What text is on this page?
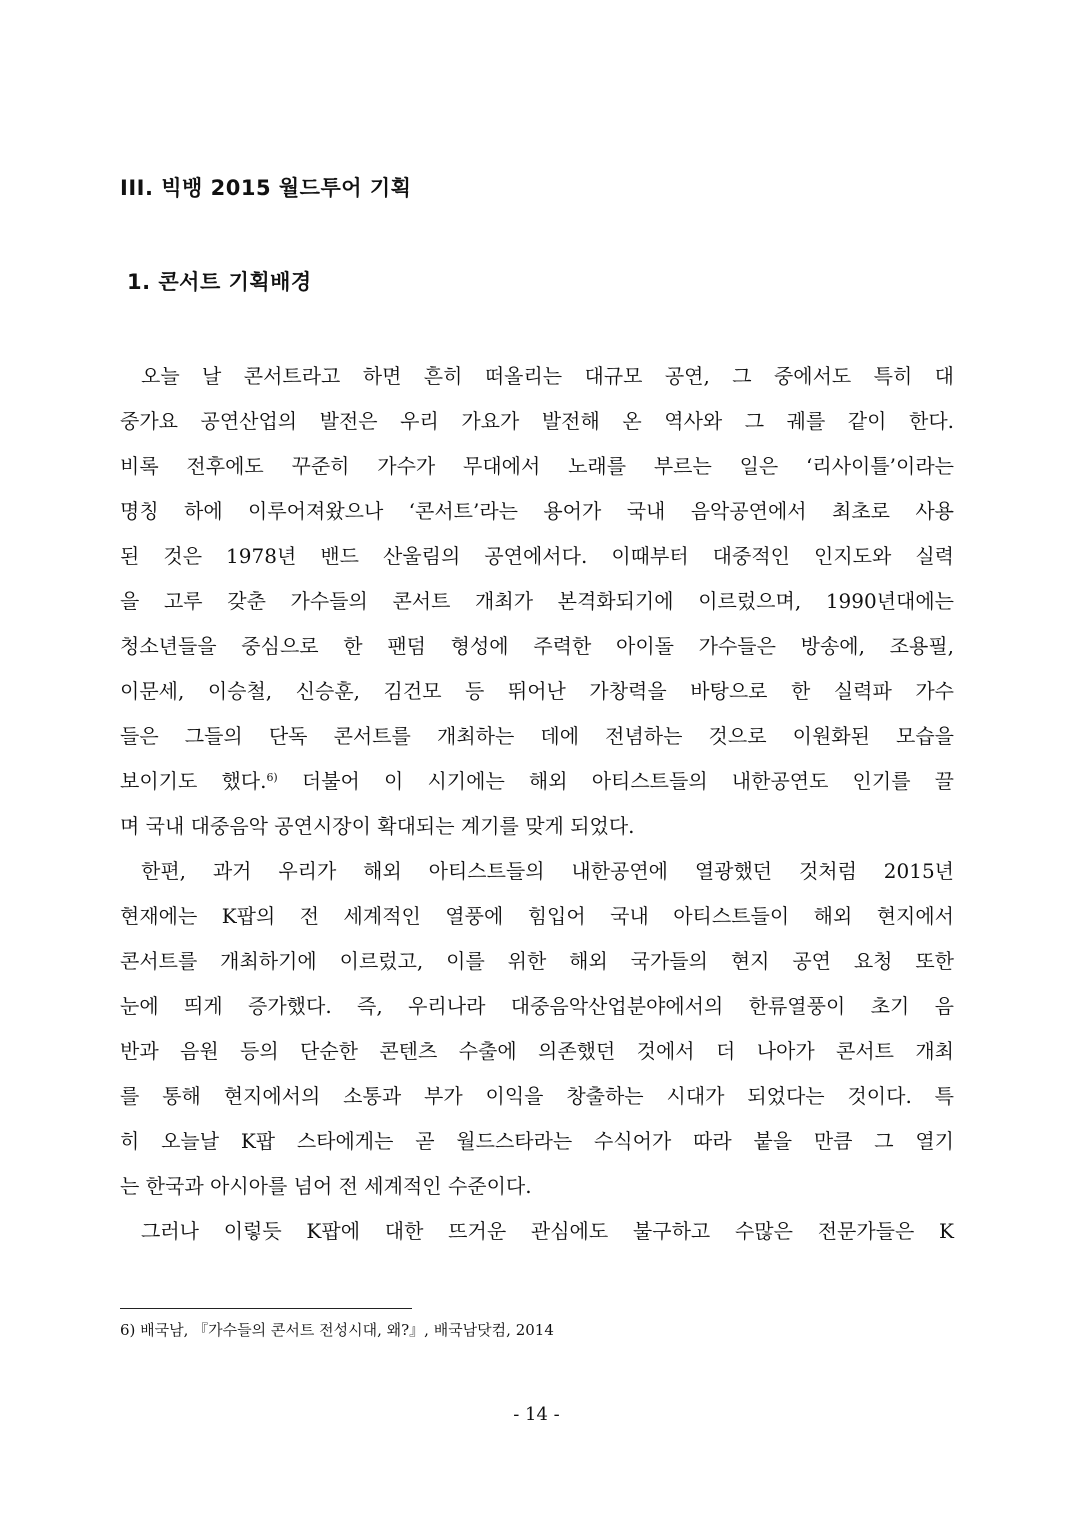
III. 빅뱅 2015 월드투어 기획
1. 콘서트 기획배경
오늘 날 콘서트라고 하면 흔히 떠올리는 대규모 공연, 그 중에서도 특히 대
중가요 공연산업의 발전은 우리 가요가 발전해 온 역사와 그 궤를 같이 한다.
비록 전후에도 꾸준히 가수가 무대에서 노래를 부르는 일은 ‘리사이틀’이라는
명칭 하에 이루어져왔으나 ‘콘서트’라는 용어가 국내 음악공연에서 최초로 사용
된 것은 1978년 밴드 산울림의 공연에서다. 이때부터 대중적인 인지도와 실력
을 고루 갖춘 가수들의 콘서트 개최가 본격화되기에 이르렀으며, 1990년대에는
청소년들을 중심으로 한 팬덤 형성에 주력한 아이돌 가수들은 방송에, 조용필,
이문세, 이승철, 신승훈, 김건모 등 뛰어난 가창력을 바탕으로 한 실력파 가수
들은 그들의 단독 콘서트를 개최하는 데에 전념하는 것으로 이원화된 모습을
보이기도 했다.$^{6)}$ 더불어 이 시기에는 해외 아티스트들의 내한공연도 인기를 끌
며 국내 대중음악 공연시장이 확대되는 계기를 맞게 되었다.
한편, 과거 우리가 해외 아티스트들의 내한공연에 열광했던 것처럼 2015년
현재에는 K팝의 전 세계적인 열풍에 힘입어 국내 아티스트들이 해외 현지에서
콘서트를 개최하기에 이르렀고, 이를 위한 해외 국가들의 현지 공연 요청 또한
눈에 띄게 증가했다. 즉, 우리나라 대중음악산업분야에서의 한류열풍이 초기 음
반과 음원 등의 단순한 콘텐츠 수출에 의존했던 것에서 더 나아가 콘서트 개최
를 통해 현지에서의 소통과 부가 이익을 창출하는 시대가 되었다는 것이다. 특
히 오늘날 K팝 스타에게는 곧 월드스타라는 수식어가 따라 붙을 만큼 그 열기
는 한국과 아시아를 넘어 전 세계적인 수준이다.
그러나 이렇듯 K팝에 대한 뜨거운 관심에도 불구하고 수많은 전문가들은 K
6) 배국남, 『가수들의 콘서트 전성시대, 왜?』, 배국남닷컴, 2014
- 14 -
